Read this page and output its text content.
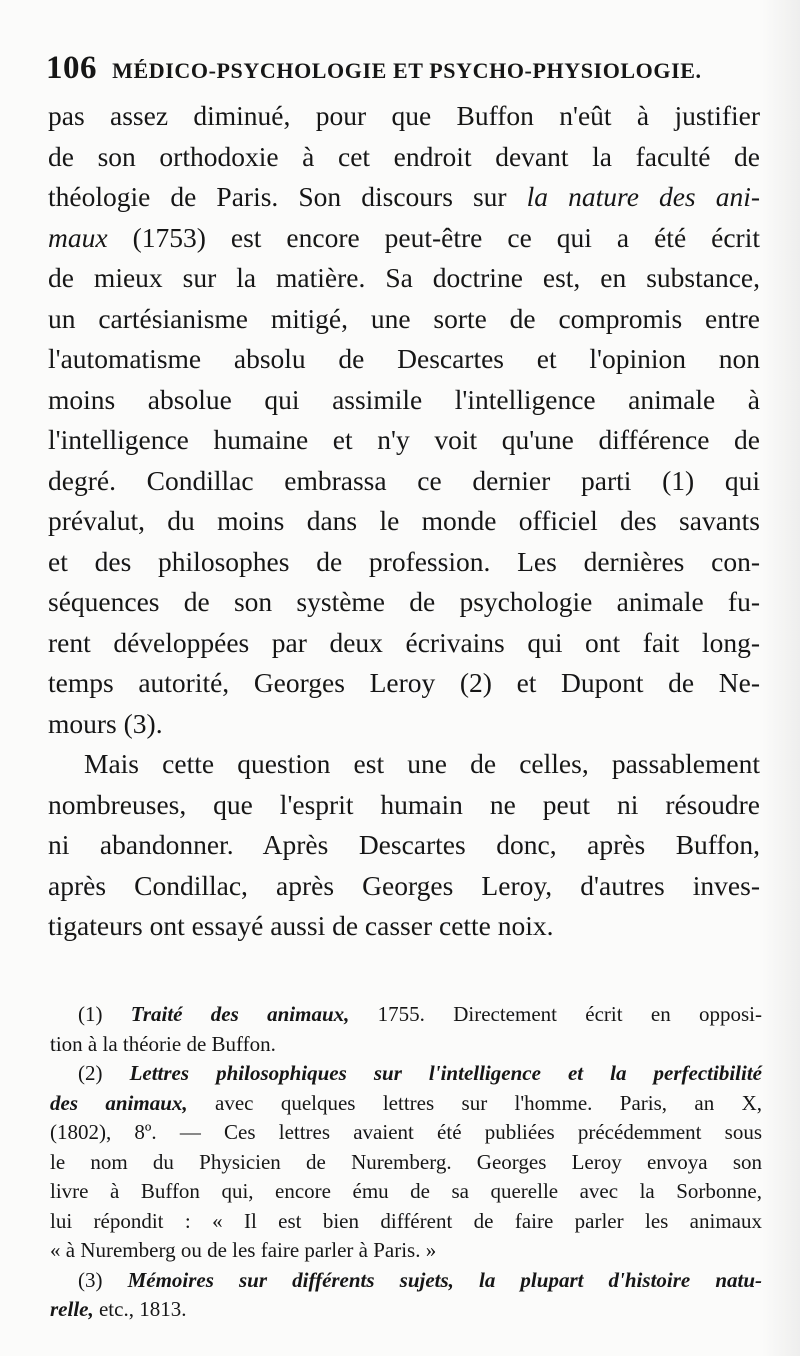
106 MÉDICO-PSYCHOLOGIE ET PSYCHO-PHYSIOLOGIE.
pas assez diminué, pour que Buffon n'eût à justifier
de son orthodoxie à cet endroit devant la faculté de
théologie de Paris. Son discours sur la nature des ani-
maux (1753) est encore peut-être ce qui a été écrit
de mieux sur la matière. Sa doctrine est, en substance,
un cartésianisme mitigé, une sorte de compromis entre
l'automatisme absolu de Descartes et l'opinion non
moins absolue qui assimile l'intelligence animale à
l'intelligence humaine et n'y voit qu'une différence de
degré. Condillac embrassa ce dernier parti (1) qui
prévalut, du moins dans le monde officiel des savants
et des philosophes de profession. Les dernières con-
séquences de son système de psychologie animale fu-
rent développées par deux écrivains qui ont fait long-
temps autorité, Georges Leroy (2) et Dupont de Ne-
mours (3).
Mais cette question est une de celles, passablement
nombreuses, que l'esprit humain ne peut ni résoudre
ni abandonner. Après Descartes donc, après Buffon,
après Condillac, après Georges Leroy, d'autres inves-
tigateurs ont essayé aussi de casser cette noix.
(1) Traité des animaux, 1755. Directement écrit en opposi-
tion à la théorie de Buffon.
(2) Lettres philosophiques sur l'intelligence et la perfectibilité
des animaux, avec quelques lettres sur l'homme. Paris, an X,
(1802), 8º. — Ces lettres avaient été publiées précédemment sous
le nom du Physicien de Nuremberg. Georges Leroy envoya son
livre à Buffon qui, encore ému de sa querelle avec la Sorbonne,
lui répondit : « Il est bien différent de faire parler les animaux
« à Nuremberg ou de les faire parler à Paris. »
(3) Mémoires sur différents sujets, la plupart d'histoire natu-
relle, etc., 1813.
